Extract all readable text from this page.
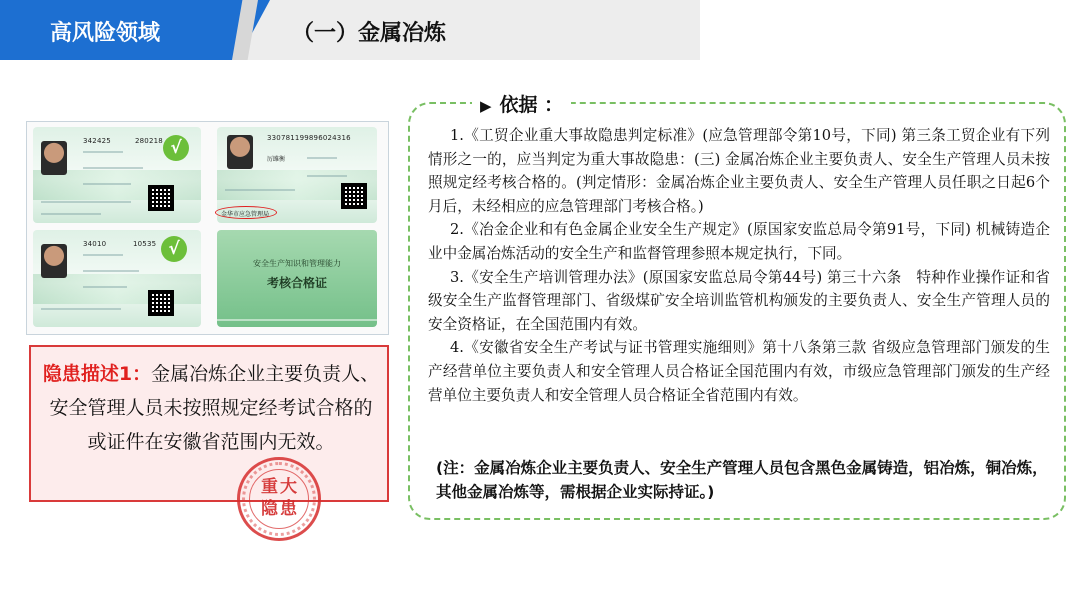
高风险领域	（一）金属冶炼
342425	280218 √	330781199896024316
厉雎衡
金华市应急管理局
34010	10535 √
安全生产知识和管理能力
考核合格证
隐患描述1：金属冶炼企业主要负责人、安全管理人员未按照规定经考试合格的或证件在安徽省范围内无效。
重大隐患
▶ 依据 ：

1.《工贸企业重大事故隐患判定标准》(应急管理部令第10号，下同) 第三条工贸企业有下列情形之一的，应当判定为重大事故隐患：(三) 金属冶炼企业主要负责人、安全生产管理人员未按照规定经考核合格的。(判定情形：金属冶炼企业主要负责人、安全生产管理人员任职之日起6个月后，未经相应的应急管理部门考核合格。)

2.《冶金企业和有色金属企业安全生产规定》(原国家安监总局令第91号，下同) 机械铸造企业中金属冶炼活动的安全生产和监督管理参照本规定执行，下同。

3.《安全生产培训管理办法》(原国家安监总局令第44号) 第三十六条　特种作业操作证和省级安全生产监督管理部门、省级煤矿安全培训监管机构颁发的主要负责人、安全生产管理人员的安全资格证，在全国范围内有效。

4.《安徽省安全生产考试与证书管理实施细则》第十八条第三款 省级应急管理部门颁发的生产经营单位主要负责人和安全管理人员合格证全国范围内有效，市级应急管理部门颁发的生产经营单位主要负责人和安全管理人员合格证全省范围内有效。

(注：金属冶炼企业主要负责人、安全生产管理人员包含黑色金属铸造，铝冶炼，铜冶炼，其他金属冶炼等，需根据企业实际持证。)
